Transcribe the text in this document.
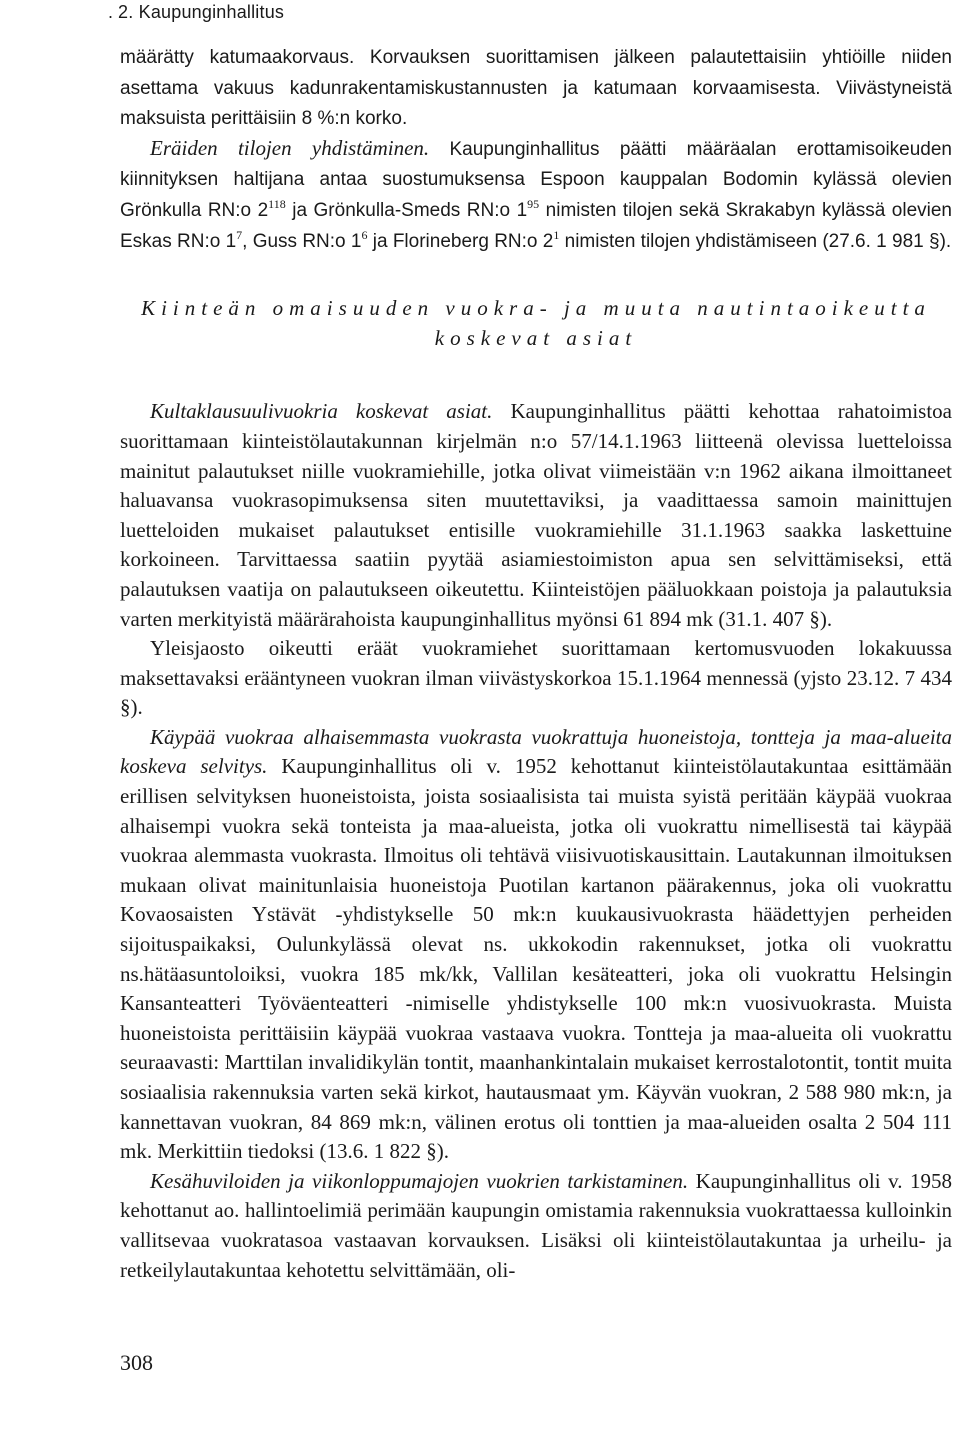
. 2. Kaupunginhallitus

määrätty katumaakorvaus. Korvauksen suorittamisen jälkeen palautettaisiin yhtiöille niiden asettama vakuus kadunrakentamiskustannusten ja katumaan korvaamisesta. Viivästyneistä maksuista perittäisiin 8 %:n korko.

Eräiden tilojen yhdistäminen. Kaupunginhallitus päätti määräalan erottamisoikeuden kiinnityksen haltijana antaa suostumuksensa Espoon kauppalan Bodomin kylässä olevien Grönkulla RN:o $2^{118}$ ja Grönkulla-Smeds RN:o $1^{95}$ nimisten tilojen sekä Skrakabyn kylässä olevien Eskas RN:o $1^7$, Guss RN:o $1^6$ ja Florineberg RN:o $2^1$ nimisten tilojen yhdistämiseen (27.6. 1 981 §).

Kiinteän omaisuuden vuokra- ja muuta nautintaoikeutta
koskevat asiat

Kultaklausuulivuokria koskevat asiat. Kaupunginhallitus päätti kehottaa rahatoimistoa suorittamaan kiinteistölautakunnan kirjelmän n:o 57/14.1.1963 liitteenä olevissa luetteloissa mainitut palautukset niille vuokramiehille, jotka olivat viimeistään v:n 1962 aikana ilmoittaneet haluavansa vuokrasopimuksensa siten muutettaviksi, ja vaadittaessa samoin mainittujen luetteloiden mukaiset palautukset entisille vuokramiehille 31.1.1963 saakka laskettuine korkoineen. Tarvittaessa saatiin pyytää asiamiestoimiston apua sen selvittämiseksi, että palautuksen vaatija on palautukseen oikeutettu. Kiinteistöjen pääluokkaan poistoja ja palautuksia varten merkityistä määrärahoista kaupunginhallitus myönsi 61 894 mk (31.1. 407 §).

Yleisjaosto oikeutti eräät vuokramiehet suorittamaan kertomusvuoden lokakuussa maksettavaksi erääntyneen vuokran ilman viivästyskorkoa 15.1.1964 mennessä (yjsto 23.12. 7 434 §).

Käypää vuokraa alhaisemmasta vuokrasta vuokrattuja huoneistoja, tontteja ja maa-alueita koskeva selvitys. Kaupunginhallitus oli v. 1952 kehottanut kiinteistölautakuntaa esittämään erillisen selvityksen huoneistoista, joista sosiaalisista tai muista syistä peritään käypää vuokraa alhaisempi vuokra sekä tonteista ja maa-alueista, jotka oli vuokrattu nimellisestä tai käypää vuokraa alemmasta vuokrasta. Ilmoitus oli tehtävä viisivuotiskausittain. Lautakunnan ilmoituksen mukaan olivat mainitunlaisia huoneistoja Puotilan kartanon päärakennus, joka oli vuokrattu Kovaosaisten Ystävät -yhdistykselle 50 mk:n kuukausivuokrasta häädettyjen perheiden sijoituspaikaksi, Oulunkylässä olevat ns. ukkokodin rakennukset, jotka oli vuokrattu ns.hätäasuntoloiksi, vuokra 185 mk/kk, Vallilan kesäteatteri, joka oli vuokrattu Helsingin Kansanteatteri Työväenteatteri -nimiselle yhdistykselle 100 mk:n vuosivuokrasta. Muista huoneistoista perittäisiin käypää vuokraa vastaava vuokra. Tontteja ja maa-alueita oli vuokrattu seuraavasti: Marttilan invalidikylän tontit, maanhankintalain mukaiset kerrostalotontit, tontit muita sosiaalisia rakennuksia varten sekä kirkot, hautausmaat ym. Käyvän vuokran, 2 588 980 mk:n, ja kannettavan vuokran, 84 869 mk:n, välinen erotus oli tonttien ja maa-alueiden osalta 2 504 111 mk. Merkittiin tiedoksi (13.6. 1 822 §).

Kesähuviloiden ja viikonloppumajojen vuokrien tarkistaminen. Kaupunginhallitus oli v. 1958 kehottanut ao. hallintoelimiä perimään kaupungin omistamia rakennuksia vuokrattaessa kulloinkin vallitsevaa vuokratasoa vastaavan korvauksen. Lisäksi oli kiinteistölautakuntaa ja urheilu- ja retkeilylautakuntaa kehotettu selvittämään, oli-

308
